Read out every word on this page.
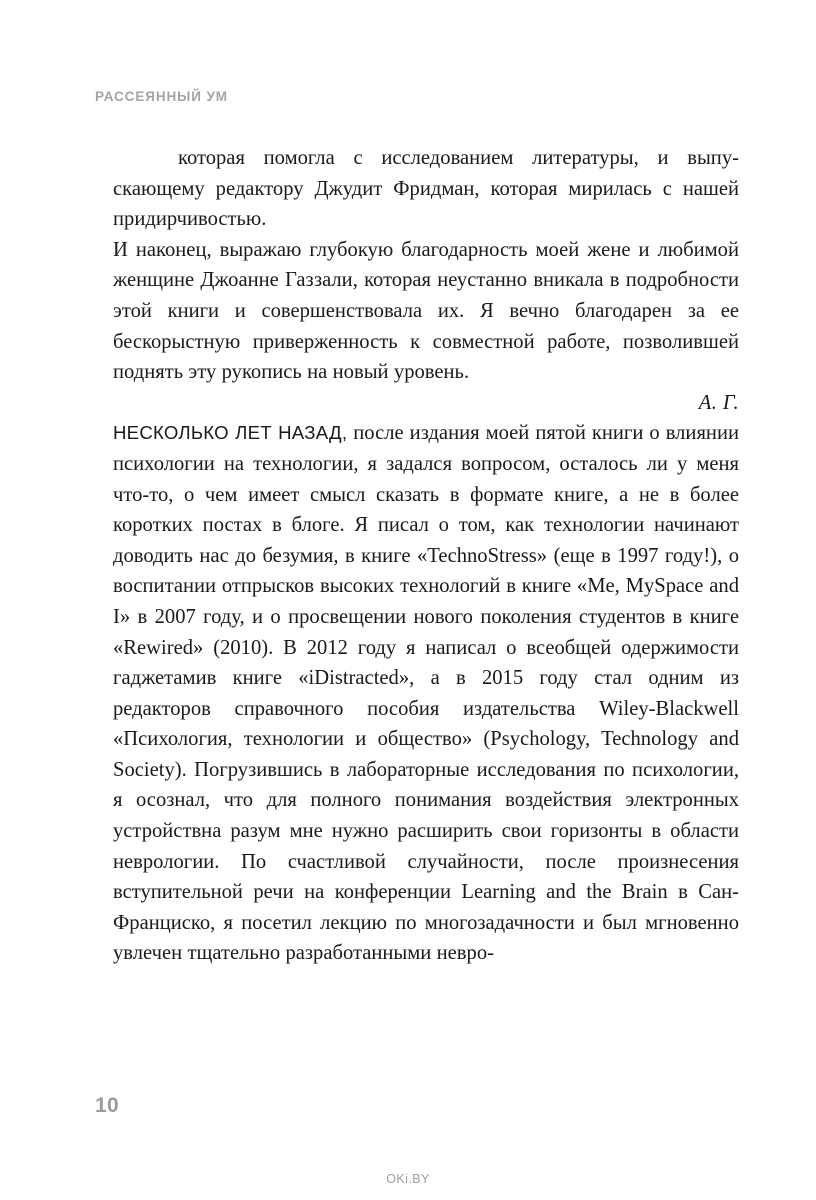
РАССЕЯННЫЙ УМ

которая помогла с исследованием литературы, и выпускающему редактору Джудит Фридман, которая мирилась с нашей придирчивостью.

И наконец, выражаю глубокую благодарность моей жене и любимой женщине Джоанне Газзали, которая неустанно вникала в подробности этой книги и совершенствовала их. Я вечно благодарен за ее бескорыстную приверженность к совместной работе, позволившей поднять эту рукопись на новый уровень.

А. Г.

НЕСКОЛЬКО ЛЕТ НАЗАД, после издания моей пятой книги о влиянии психологии на технологии, я задался вопросом, осталось ли у меня что-то, о чем имеет смысл сказать в формате книге, а не в более коротких постах в блоге. Я писал о том, как технологии начинают доводить нас до безумия, в книге «TechnoStress» (еще в 1997 году!), о воспитании отпрысков высоких технологий в книге «Me, MySpace and I» в 2007 году, и о просвещении нового поколения студентов в книге «Rewired» (2010). В 2012 году я написал о всеобщей одержимости гаджетамив книге «iDistracted», а в 2015 году стал одним из редакторов справочного пособия издательства Wiley-Blackwell «Психология, технологии и общество» (Psychology, Technology and Society). Погрузившись в лабораторные исследования по психологии, я осознал, что для полного понимания воздействия электронных устройствна разум мне нужно расширить свои горизонты в области неврологии. По счастливой случайности, после произнесения вступительной речи на конференции Learning and the Brain в Сан-Франциско, я посетил лекцию по многозадачности и был мгновенно увлечен тщательно разработанными невро-

10
OKi.BY
